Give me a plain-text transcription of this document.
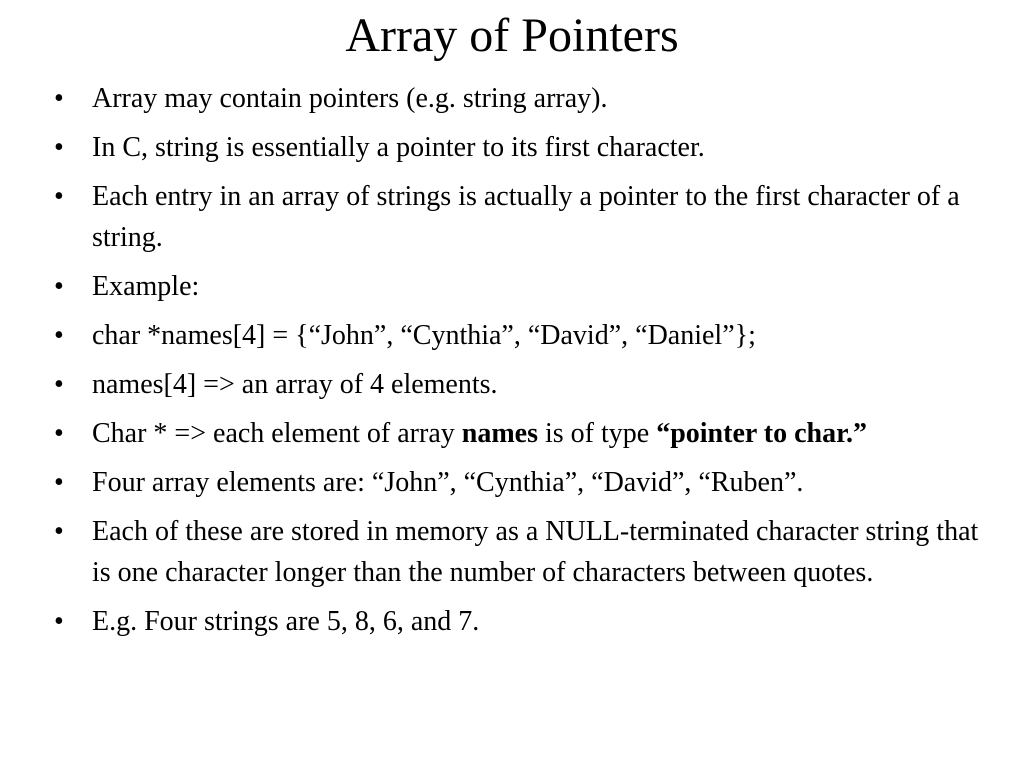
Array of Pointers
•	Array may contain pointers (e.g. string array).
•	In C, string is essentially a pointer to its first character.
•	Each entry in an array of strings is actually a pointer to the first character of a string.
•	Example:
•	char *names[4] = {“John”, “Cynthia”, “David”, “Daniel”};
•	names[4] => an array of 4 elements.
•	Char * => each element of array names is of type “pointer to char.”
•	Four array elements are: “John”, “Cynthia”, “David”, “Ruben”.
•	Each of these are stored in memory as a NULL-terminated character string that is one character longer than the number of characters between quotes.
•	E.g. Four strings are 5, 8, 6, and 7.
